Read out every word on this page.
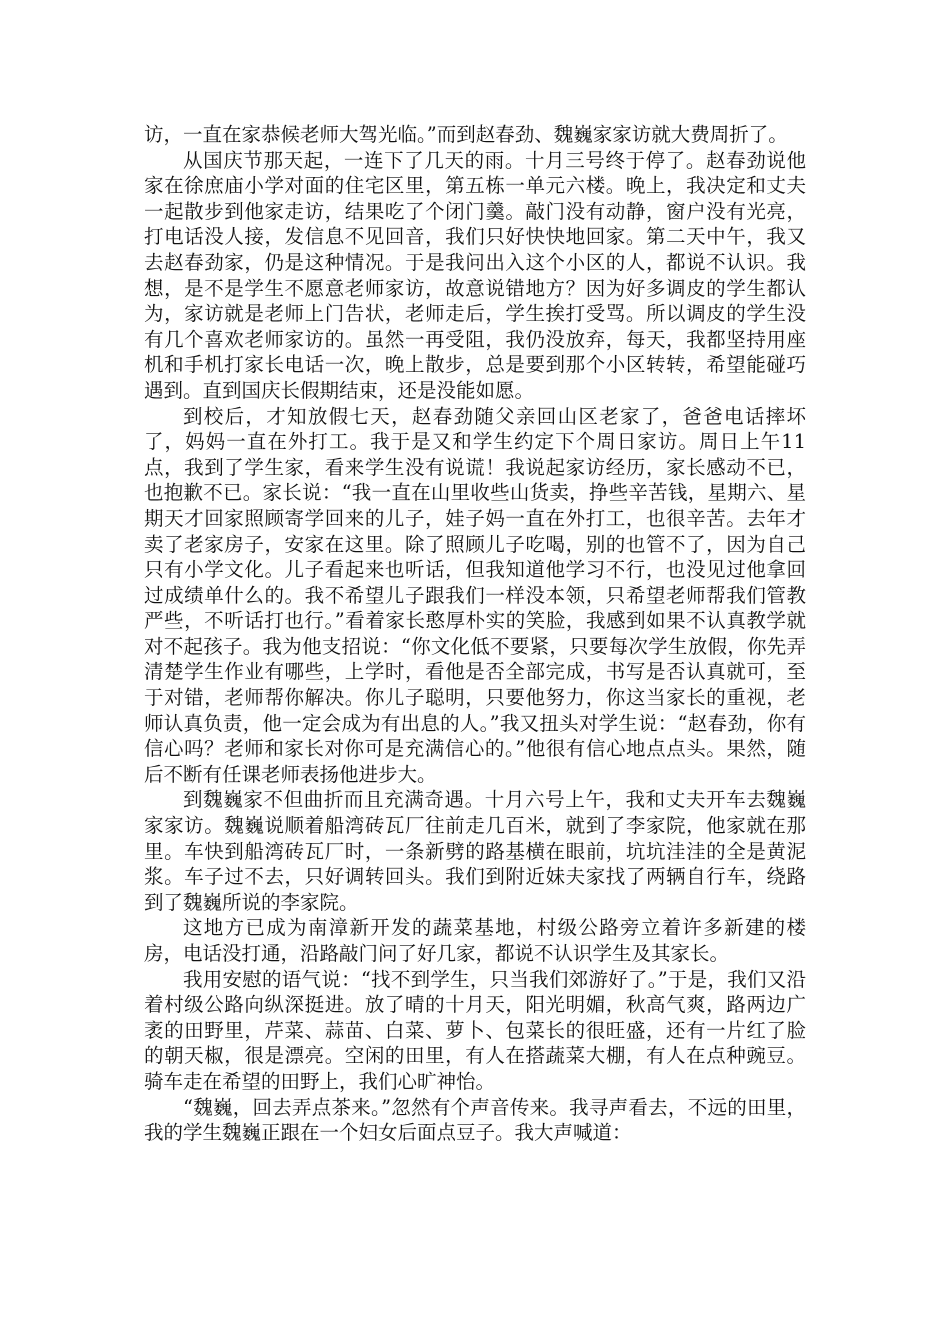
访，一直在家恭候老师大驾光临。”而到赵春劲、魏巍家家访就大费周折了。

从国庆节那天起，一连下了几天的雨。十月三号终于停了。赵春劲说他家在徐庶庙小学对面的住宅区里，第五栋一单元六楼。晚上，我决定和丈夫一起散步到他家走访，结果吃了个闭门羹。敲门没有动静，窗户没有光亮，打电话没人接，发信息不见回音，我们只好快快地回家。第二天中午，我又去赵春劲家，仍是这种情况。于是我问出入这个小区的人，都说不认识。我想，是不是学生不愿意老师家访，故意说错地方？因为好多调皮的学生都认为，家访就是老师上门告状，老师走后，学生挨打受骂。所以调皮的学生没有几个喜欢老师家访的。虽然一再受阻，我仍没放弃，每天，我都坚持用座机和手机打家长电话一次，晚上散步，总是要到那个小区转转，希望能碰巧遇到。直到国庆长假期结束，还是没能如愿。

到校后，才知放假七天，赵春劲随父亲回山区老家了，爸爸电话摔坏了，妈妈一直在外打工。我于是又和学生约定下个周日家访。周日上午11点，我到了学生家，看来学生没有说谎！我说起家访经历，家长感动不已，也抱歉不已。家长说：“我一直在山里收些山货卖，挣些辛苦钱，星期六、星期天才回家照顾寄学回来的儿子，娃子妈一直在外打工，也很辛苦。去年才卖了老家房子，安家在这里。除了照顾儿子吃喝，别的也管不了，因为自己只有小学文化。儿子看起来也听话，但我知道他学习不行，也没见过他拿回过成绩单什么的。我不希望儿子跟我们一样没本领，只希望老师帮我们管教严些，不听话打也行。”看着家长憨厚朴实的笑脸，我感到如果不认真教学就对不起孩子。我为他支招说：“你文化低不要紧，只要每次学生放假，你先弄清楚学生作业有哪些，上学时，看他是否全部完成，书写是否认真就可，至于对错，老师帮你解决。你儿子聪明，只要他努力，你这当家长的重视，老师认真负责，他一定会成为有出息的人。”我又扭头对学生说：“赵春劲，你有信心吗？老师和家长对你可是充满信心的。”他很有信心地点点头。果然，随后不断有任课老师表扬他进步大。

到魏巍家不但曲折而且充满奇遇。十月六号上午，我和丈夫开车去魏巍家家访。魏巍说顺着船湾砖瓦厂往前走几百米，就到了李家院，他家就在那里。车快到船湾砖瓦厂时，一条新劈的路基横在眼前，坑坑洼洼的全是黄泥浆。车子过不去，只好调转回头。我们到附近妹夫家找了两辆自行车，绕路到了魏巍所说的李家院。

这地方已成为南漳新开发的蔬菜基地，村级公路旁立着许多新建的楼房，电话没打通，沿路敲门问了好几家，都说不认识学生及其家长。

我用安慰的语气说：“找不到学生，只当我们郊游好了。”于是，我们又沿着村级公路向纵深挺进。放了晴的十月天，阳光明媚，秋高气爽，路两边广袤的田野里，芹菜、蒜苗、白菜、萝卜、包菜长的很旺盛，还有一片红了脸的朝天椒，很是漂亮。空闲的田里，有人在搭蔬菜大棚，有人在点种豌豆。骑车走在希望的田野上，我们心旷神怡。

“魏巍，回去弄点茶来。”忽然有个声音传来。我寻声看去，不远的田里，我的学生魏巍正跟在一个妇女后面点豆子。我大声喊道：
